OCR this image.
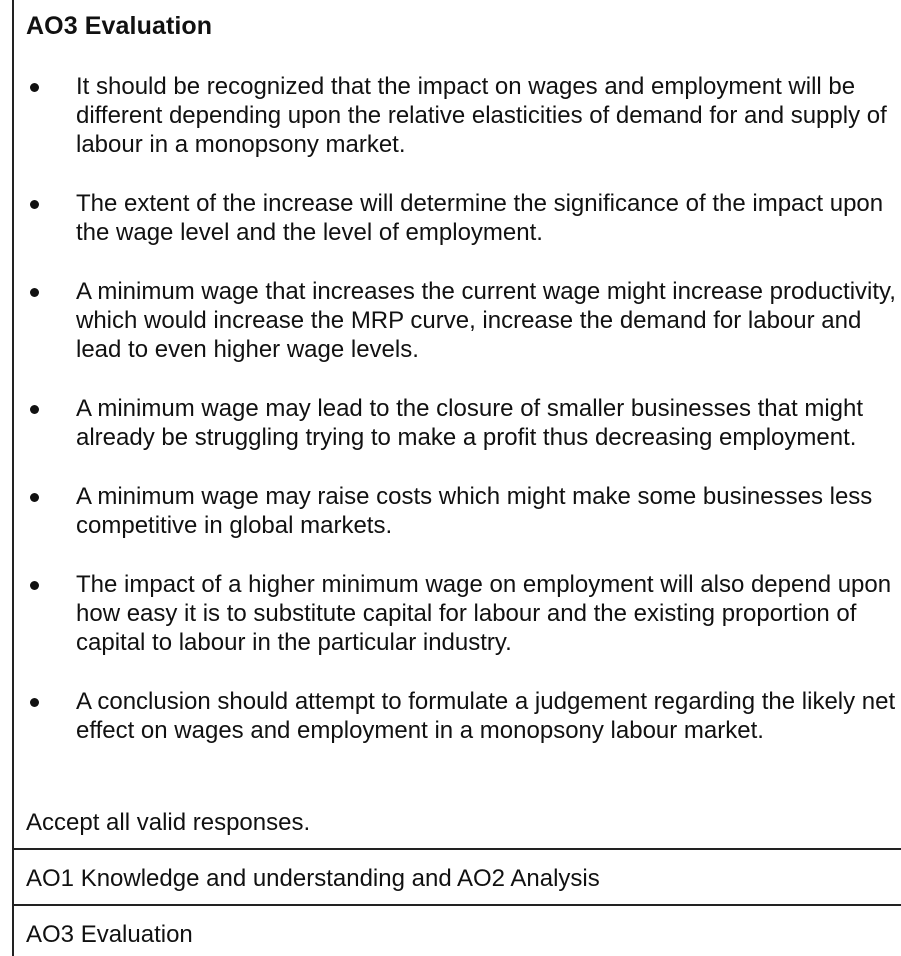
AO3 Evaluation
It should be recognized that the impact on wages and employment will be different depending upon the relative elasticities of demand for and supply of labour in a monopsony market.
The extent of the increase will determine the significance of the impact upon the wage level and the level of employment.
A minimum wage that increases the current wage might increase productivity, which would increase the MRP curve, increase the demand for labour and lead to even higher wage levels.
A minimum wage may lead to the closure of smaller businesses that might already be struggling trying to make a profit thus decreasing employment.
A minimum wage may raise costs which might make some businesses less competitive in global markets.
The impact of a higher minimum wage on employment will also depend upon how easy it is to substitute capital for labour and the existing proportion of capital to labour in the particular industry.
A conclusion should attempt to formulate a judgement regarding the likely net effect on wages and employment in a monopsony labour market.
Accept all valid responses.
AO1 Knowledge and understanding and AO2 Analysis
AO3 Evaluation
